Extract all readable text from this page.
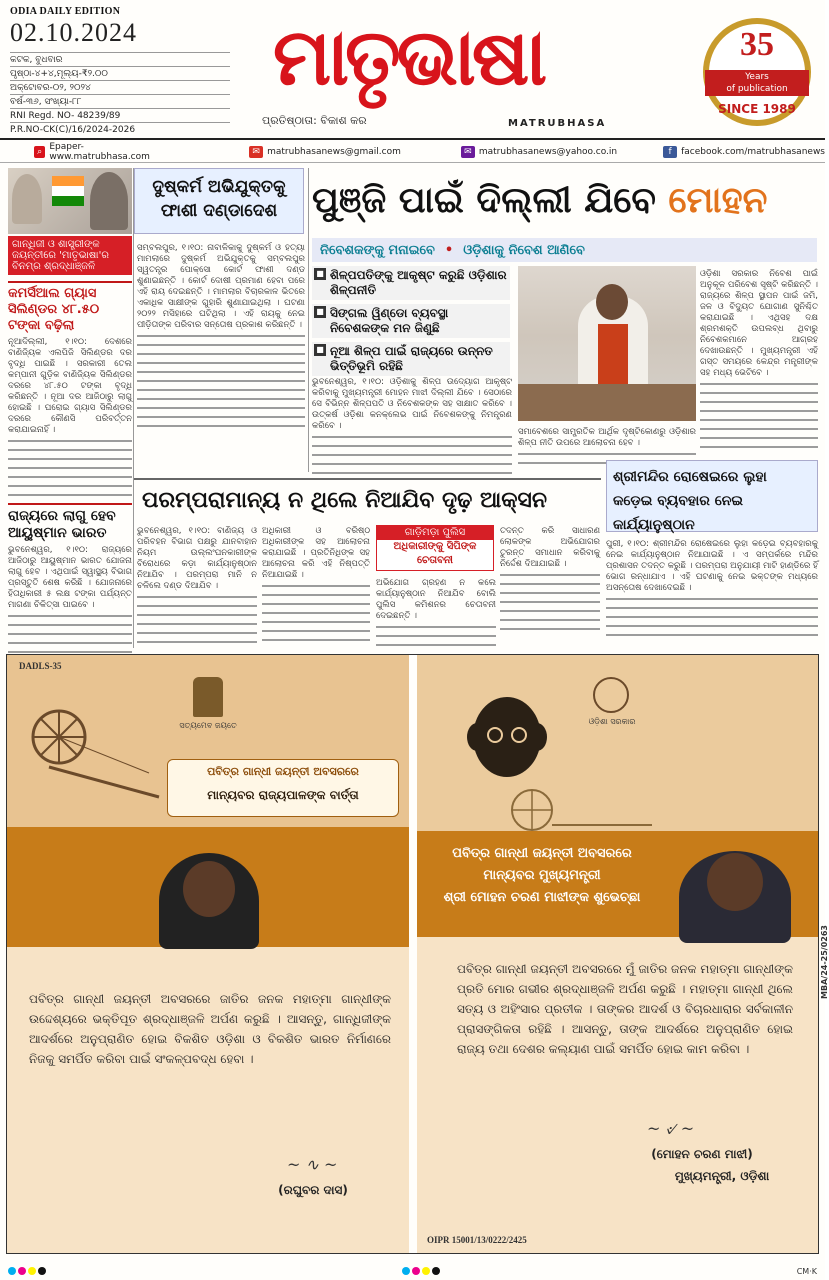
ODIA DAILY EDITION
02.10.2024
କଟକ, ବୁଧବାର
ପୃଷ୍ଠା-୪+୪,ମୂଲ୍ୟ-₹୨.୦୦
ଅକ୍ଟୋବର-୦୨, ୨୦୨୪
ବର୍ଷ-୩୬, ସଂଖ୍ୟା-୮୮
RNI Regd. NO- 48239/89
P.R.NO-CK(C)/16/2024-2026
ମାତୃଭାଷା
ପ୍ରତିଷ୍ଠାତା: ବିକାଶ କର	MATRUBHASA
35
Years
of publication
SINCE 1989
⌕ Epaper- www.matrubhasa.com	✉ matrubhasanews@gmail.com	✉ matrubhasanews@yahoo.co.in	f	facebook.com/matrubhasanews
ଗାନ୍ଧିଜୀ ଓ ଶାସ୍ତ୍ରୀଙ୍କ ଜୟନ୍ତୀରେ 'ମାତୃଭାଷା'ର ବିନମ୍ର ଶ୍ରଦ୍ଧାଞ୍ଜଳି
କମର୍ସିଆଲ ଗ୍ୟାସ ସିଲିଣ୍ଡର ୪୮.୫୦ ଟଙ୍କା ବଢ଼ିଲା
ନୂଆଦିଲ୍ଲୀ, ୧।୧୦: ଦେଶରେ ବାଣିଜ୍ୟିକ ଏଲପିଜି ସିଲିଣ୍ଡର ଦର ବୃଦ୍ଧି ପାଇଛି । ସରକାରୀ ତେଲ କମ୍ପାନୀ ଗୁଡ଼ିକ ବାଣିଜ୍ୟିକ ସିଲିଣ୍ଡର ଦରରେ ୪୮.୫୦ ଟଙ୍କା ବୃଦ୍ଧି କରିଛନ୍ତି । ନୂଆ ଦର ଆଜିଠାରୁ ଲାଗୁ ହୋଇଛି । ଘରୋଇ ଗ୍ୟାସ ସିଲିଣ୍ଡର ଦରରେ କୌଣସି ପରିବର୍ତ୍ତନ କରାଯାଇନାହିଁ ।
ରାଜ୍ୟରେ ଲାଗୁ ହେବ ଆୟୁଷ୍ମାନ ଭାରତ
ଭୁବନେଶ୍ୱର, ୧।୧୦: ରାଜ୍ୟରେ ଆଜିଠାରୁ ଆୟୁଷ୍ମାନ ଭାରତ ଯୋଜନା ଲାଗୁ ହେବ । ଏଥିପାଇଁ ସ୍ୱାସ୍ଥ୍ୟ ବିଭାଗ ପ୍ରସ୍ତୁତି ଶେଷ କରିଛି । ଯୋଜନାରେ ହିତାଧିକାରୀ ୫ ଲକ୍ଷ ଟଙ୍କା ପର୍ଯ୍ୟନ୍ତ ମାଗଣା ଚିକିତ୍ସା ପାଇବେ ।
ଦୁଷ୍କର୍ମ ଅଭିଯୁକ୍ତକୁ ଫାଶୀ ଦଣ୍ଡାଦେଶ
ସମ୍ବଲପୁର, ୧।୧୦: ନାବାଳିକାକୁ ଦୁଷ୍କର୍ମ ଓ ହତ୍ୟା ମାମଲାରେ ଦୁଷ୍କର୍ମ ଅଭିଯୁକ୍ତକୁ ସମ୍ବଲପୁର ସ୍ୱତନ୍ତ୍ର ପୋକ୍ସୋ କୋର୍ଟ ଫାଶୀ ଦଣ୍ଡ ଶୁଣାଇଛନ୍ତି । କୋର୍ଟ ଦୋଷୀ ପ୍ରମାଣ ହେବା ପରେ ଏହି ରାୟ ଦେଇଛନ୍ତି । ମାମଲାର ବିଚାରକାଳ ଭିତରେ ଏକାଧିକ ସାକ୍ଷୀଙ୍କ ଗୁହାରି ଶୁଣାଯାଇଥିଲା । ଘଟଣା ୨୦୨୨ ମସିହାରେ ଘଟିଥିଲା । ଏହି ରାୟକୁ ନେଇ ପୀଡ଼ିତାଙ୍କ ପରିବାର ସନ୍ତୋଷ ପ୍ରକାଶ କରିଛନ୍ତି ।
ପୁଞ୍ଜି ପାଇଁ ଦିଲ୍ଲୀ ଯିବେ ମୋହନ
ନିବେଶକଙ୍କୁ ମନାଇବେ • ଓଡ଼ିଶାକୁ ନିବେଶ ଆଣିବେ
■ ଶିଳ୍ପପତିଙ୍କୁ ଆକୃଷ୍ଟ କରୁଛି ଓଡ଼ିଶାର ଶିଳ୍ପନୀତି
■ ସିଙ୍ଗଲ ୱିଣ୍ଡୋ ବ୍ୟବସ୍ଥା ନିବେଶକଙ୍କ ମନ ଜିଣୁଛି
■ ନୂଆ ଶିଳ୍ପ ପାଇଁ ରାଜ୍ୟରେ ଉନ୍ନତ ଭିତ୍ତିଭୂମି ରହିଛି
ଭୁବନେଶ୍ୱର, ୧।୧୦: ଓଡ଼ିଶାକୁ ଶିଳ୍ପ ଉଦ୍ୟୋଗ ଆକୃଷ୍ଟ କରିବାକୁ ମୁଖ୍ୟମନ୍ତ୍ରୀ ମୋହନ ମାଝୀ ଦିଲ୍ଲୀ ଯିବେ । ସେଠାରେ ସେ ବିଭିନ୍ନ ଶିଳ୍ପପତି ଓ ନିବେଶକଙ୍କ ସହ ସାକ୍ଷାତ କରିବେ । ଉତ୍କର୍ଷ ଓଡ଼ିଶା କନକ୍ଲେଭ ପାଇଁ ନିବେଶକଙ୍କୁ ନିମନ୍ତ୍ରଣ କରିବେ ।
ସମାବେଶରେ ସାମ୍ପ୍ରତିକ ଆର୍ଥିକ ଦୃଷ୍ଟିକୋଣରୁ ଓଡ଼ିଶାର ଶିଳ୍ପ ନୀତି ଉପରେ ଆଲୋଚନା ହେବ ।
ଓଡ଼ିଶା ସରକାର ନିବେଶ ପାଇଁ ଅନୁକୂଳ ପରିବେଶ ସୃଷ୍ଟି କରିଛନ୍ତି । ରାଜ୍ୟରେ ଶିଳ୍ପ ସ୍ଥାପନ ପାଇଁ ଜମି, ଜଳ ଓ ବିଦ୍ୟୁତ ଯୋଗାଣ ସୁନିଶ୍ଚିତ କରାଯାଇଛି । ଏଥିସହ ଦକ୍ଷ ଶ୍ରମଶକ୍ତି ଉପଲବ୍ଧ ଥିବାରୁ ନିବେଶକମାନେ ଆଗ୍ରହ ଦେଖାଉଛନ୍ତି । ମୁଖ୍ୟମନ୍ତ୍ରୀ ଏହି ଗସ୍ତ ସମୟରେ କେନ୍ଦ୍ର ମନ୍ତ୍ରୀଙ୍କ ସହ ମଧ୍ୟ ଭେଟିବେ ।
ପରମ୍ପରାମାନ୍ୟ ନ ଥିଲେ ନିଆଯିବ ଦୃଢ଼ ଆକ୍ସନ
ଭୁବନେଶ୍ୱର, ୧।୧୦: ବାଣିଜ୍ୟ ଓ ପରିବହନ ବିଭାଗ ପକ୍ଷରୁ ଯାନବାହାନ ନିୟମ ଉଲ୍ଲଂଘନକାରୀଙ୍କ ବିରୋଧରେ କଡ଼ା କାର୍ଯ୍ୟାନୁଷ୍ଠାନ ନିଆଯିବ । ପରମ୍ପରା ମାନି ନ ଚଳିଲେ ଦଣ୍ଡ ଦିଆଯିବ ।
ଅଧିକାରୀ ଓ ବରିଷ୍ଠ ଅଧିକାରୀଙ୍କ ସହ ଆଲୋଚନା କରାଯାଇଛି । ପ୍ରତିନିଧିଙ୍କ ସହ ଆଲୋଚନା କରି ଏହି ନିଷ୍ପତ୍ତି ନିଆଯାଇଛି ।
ଗାଡ଼ିମଡ଼ା ପୁଲିସ
ଅଧିକାରୀଙ୍କୁ ସିପିଙ୍କ ଚେତାବନୀ
ଅଭିଯୋଗ ଗ୍ରହଣ ନ କଲେ କାର୍ଯ୍ୟାନୁଷ୍ଠାନ ନିଆଯିବ ବୋଲି ପୁଲିସ କମିଶନର ଚେତାବନୀ ଦେଇଛନ୍ତି ।
ତଦନ୍ତ କରି ସାଧାରଣ ଲୋକଙ୍କ ଅଭିଯୋଗର ତୁରନ୍ତ ସମାଧାନ କରିବାକୁ ନିର୍ଦ୍ଦେଶ ଦିଆଯାଇଛି ।
ଶ୍ରୀମନ୍ଦିର ରୋଷେଇରେ ଲୁହା କଡ଼େଇ ବ୍ୟବହାର ନେଇ କାର୍ଯ୍ୟାନୁଷ୍ଠାନ
ପୁରୀ, ୧।୧୦: ଶ୍ରୀମନ୍ଦିର ରୋଷେଇରେ ଲୁହା କଡ଼େଇ ବ୍ୟବହାରକୁ ନେଇ କାର୍ଯ୍ୟାନୁଷ୍ଠାନ ନିଆଯାଇଛି । ଏ ସମ୍ପର୍କରେ ମନ୍ଦିର ପ୍ରଶାସନ ତଦନ୍ତ କରୁଛି । ପରମ୍ପରା ଅନୁଯାୟୀ ମାଟି ହାଣ୍ଡିରେ ହିଁ ଭୋଗ ରନ୍ଧାଯାଏ । ଏହି ଘଟଣାକୁ ନେଇ ଭକ୍ତଙ୍କ ମଧ୍ୟରେ ଅସନ୍ତୋଷ ଦେଖାଦେଇଛି ।
DADLS-35
ସତ୍ୟମେବ ଜୟତେ
ପବିତ୍ର ଗାନ୍ଧୀ ଜୟନ୍ତୀ ଅବସରରେ
ମାନ୍ୟବର ରାଜ୍ୟପାଳଙ୍କ ବାର୍ତ୍ତା
ପବିତ୍ର ଗାନ୍ଧୀ ଜୟନ୍ତୀ ଅବସରରେ ଜାତିର ଜନକ ମହାତ୍ମା ଗାନ୍ଧୀଙ୍କ ଉଦ୍ଦେଶ୍ୟରେ ଭକ୍ତିପୂତ ଶ୍ରଦ୍ଧାଞ୍ଜଳି ଅର୍ପଣ କରୁଛି । ଆସନ୍ତୁ, ଗାନ୍ଧିଜୀଙ୍କ ଆଦର୍ଶରେ ଅନୁପ୍ରାଣିତ ହୋଇ ବିକଶିତ ଓଡ଼ିଶା ଓ ବିକଶିତ ଭାରତ ନିର୍ମାଣରେ ନିଜକୁ ସମର୍ପିତ କରିବା ପାଇଁ ସଂକଳ୍ପବଦ୍ଧ ହେବା ।
~ ∿ ~
(ରଘୁବର ଦାସ)
ଓଡ଼ିଶା ସରକାର
ପବିତ୍ର ଗାନ୍ଧୀ ଜୟନ୍ତୀ ଅବସରରେ
ମାନ୍ୟବର ମୁଖ୍ୟମନ୍ତ୍ରୀ
ଶ୍ରୀ ମୋହନ ଚରଣ ମାଝୀଙ୍କ ଶୁଭେଚ୍ଛା
ପବିତ୍ର ଗାନ୍ଧୀ ଜୟନ୍ତୀ ଅବସରରେ ମୁଁ ଜାତିର ଜନକ ମହାତ୍ମା ଗାନ୍ଧୀଙ୍କ ପ୍ରତି ମୋର ଗଭୀର ଶ୍ରଦ୍ଧାଞ୍ଜଳି ଅର୍ପଣ କରୁଛି । ମହାତ୍ମା ଗାନ୍ଧୀ ଥିଲେ ସତ୍ୟ ଓ ଅହିଂସାର ପ୍ରତୀକ । ତାଙ୍କର ଆଦର୍ଶ ଓ ବିଚାରଧାରାର ସର୍ବକାଳୀନ ପ୍ରାସଙ୍ଗିକତା ରହିଛି । ଆସନ୍ତୁ, ତାଙ୍କ ଆଦର୍ଶରେ ଅନୁପ୍ରାଣିତ ହୋଇ ରାଜ୍ୟ ତଥା ଦେଶର କଲ୍ୟାଣ ପାଇଁ ସମର୍ପିତ ହୋଇ କାମ କରିବା ।
~ ୰ ~
(ମୋହନ ଚରଣ ମାଝୀ)
ମୁଖ୍ୟମନ୍ତ୍ରୀ, ଓଡ଼ିଶା
OIPR 15001/13/0222/2425
MBA/24-25/0263
CM·K
